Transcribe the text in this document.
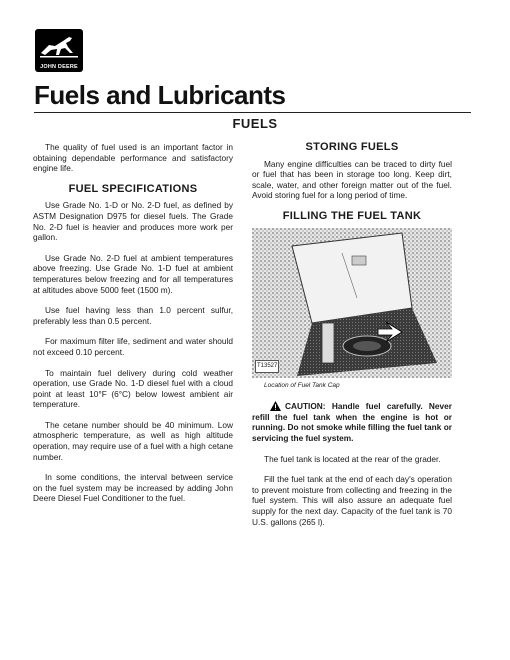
JOHN DEERE
Fuels and Lubricants
FUELS

The quality of fuel used is an important factor in obtaining dependable performance and satisfactory engine life.

FUEL SPECIFICATIONS

Use Grade No. 1-D or No. 2-D fuel, as defined by ASTM Designation D975 for diesel fuels. The Grade No. 2-D fuel is heavier and produces more work per gallon.

Use Grade No. 2-D fuel at ambient temperatures above freezing. Use Grade No. 1-D fuel at ambient temperatures below freezing and for all temperatures at altitudes above 5000 feet (1500 m).

Use fuel having less than 1.0 percent sulfur, preferably less than 0.5 percent.

For maximum filter life, sediment and water should not exceed 0.10 percent.

To maintain fuel delivery during cold weather operation, use Grade No. 1-D diesel fuel with a cloud point at least 10°F (6°C) below lowest ambient air temperature.

The cetane number should be 40 minimum. Low atmospheric temperature, as well as high altitude operation, may require use of a fuel with a high cetane number.

In some conditions, the interval between service on the fuel system may be increased by adding John Deere Diesel Fuel Conditioner to the fuel.

STORING FUELS

Many engine difficulties can be traced to dirty fuel or fuel that has been in storage too long. Keep dirt, scale, water, and other foreign matter out of the fuel. Avoid storing fuel for a long period of time.

FILLING THE FUEL TANK
T13527

Location of Fuel Tank Cap

CAUTION: Handle fuel carefully. Never refill the fuel tank when the engine is hot or running. Do not smoke while filling the fuel tank or servicing the fuel system.

The fuel tank is located at the rear of the grader.

Fill the fuel tank at the end of each day's operation to prevent moisture from collecting and freezing in the fuel system. This will also assure an adequate fuel supply for the next day. Capacity of the fuel tank is 70 U.S. gallons (265 l).
